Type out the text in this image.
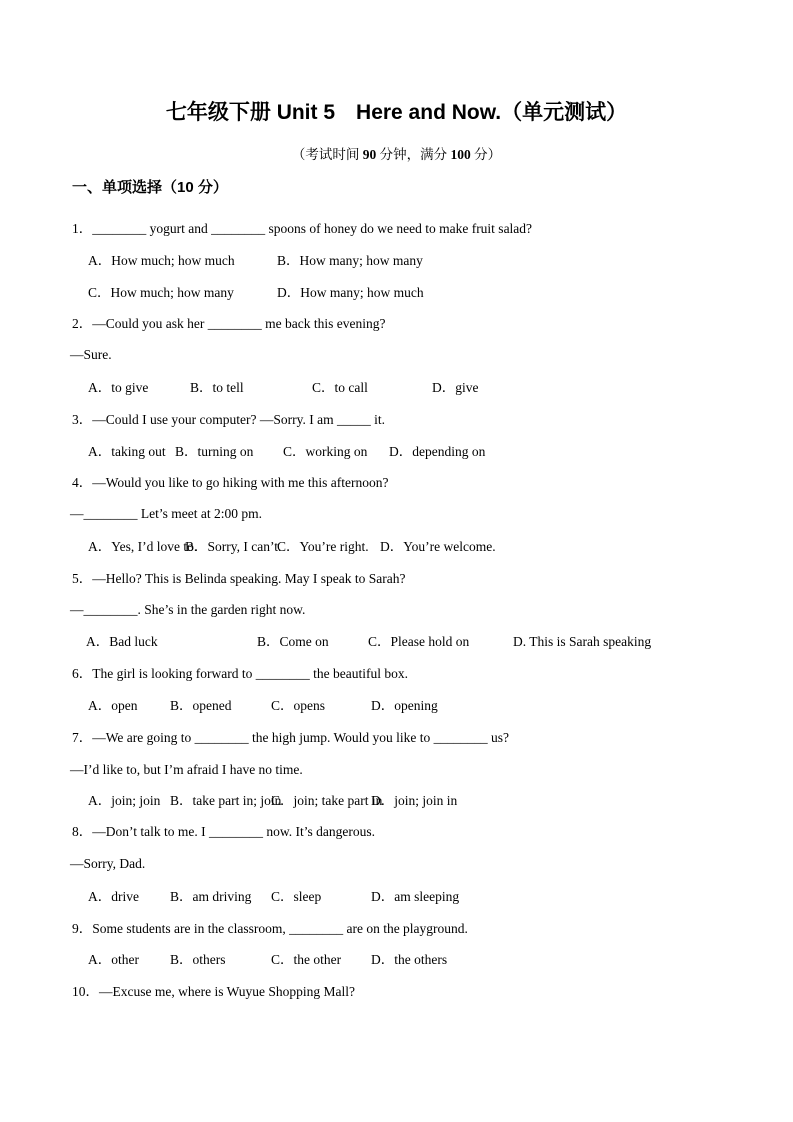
七年级下册 Unit 5　Here and Now.（单元测试）
（考试时间 90 分钟，满分 100 分）
一、单项选择（10 分）
1．________ yogurt and ________ spoons of honey do we need to make fruit salad?
A．How much; how much	B．How many; how many
C．How much; how many	D．How many; how much
2．—Could you ask her ________ me back this evening?
—Sure.
A．to give	B．to tell	C．to call	D．give
3．—Could I use your computer? —Sorry. I am _____ it.
A．taking out B．turning on C．working on D．depending on
4．—Would you like to go hiking with me this afternoon?
—________ Let’s meet at 2:00 pm.
A．Yes, I’d love to.
B．Sorry, I can’t.
C．You’re right. D．You’re welcome.
5．—Hello? This is Belinda speaking. May I speak to Sarah?
—________. She’s in the garden right now.
A．Bad luck	B．Come on	C．Please hold on	D. This is Sarah speaking
6．The girl is looking forward to ________ the beautiful box.
A．open B．opened	C．opens	D．opening
7．—We are going to ________ the high jump. Would you like to ________ us?
—I’d like to, but I’m afraid I have no time.
A．join; join B．take part in; join
C．join; take part in
D．join; join in
8．—Don’t talk to me. I ________ now. It’s dangerous.
—Sorry, Dad.
A．drive B．am driving C．sleep	D．am sleeping
9．Some students are in the classroom, ________ are on the playground.
A．other B．others	C．the other D．the others
10．—Excuse me, where is Wuyue Shopping Mall?
